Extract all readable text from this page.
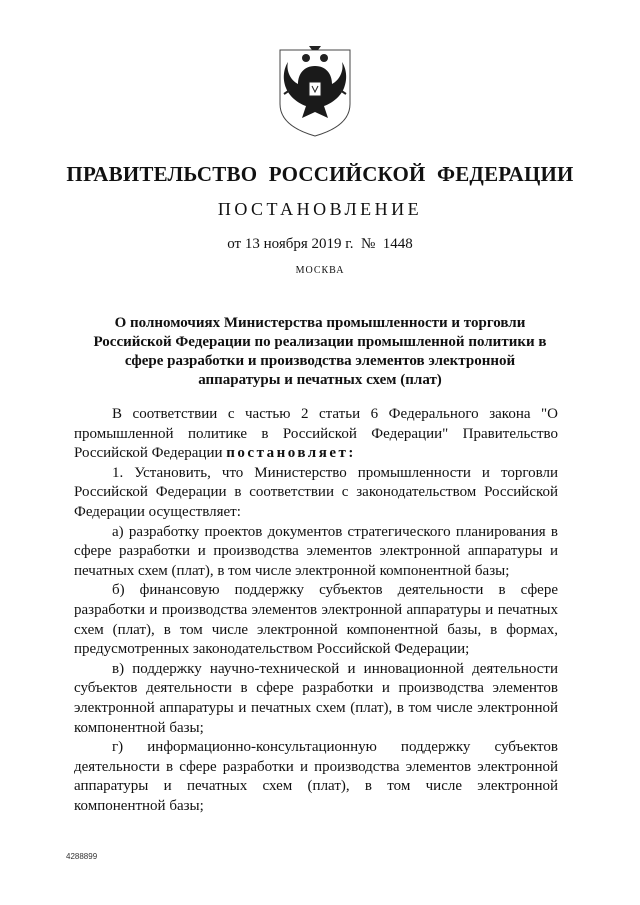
ПРАВИТЕЛЬСТВО РОССИЙСКОЙ ФЕДЕРАЦИИ
ПОСТАНОВЛЕНИЕ
от 13 ноября 2019 г. № 1448
МОСКВА
О полномочиях Министерства промышленности и торговли Российской Федерации по реализации промышленной политики в сфере разработки и производства элементов электронной аппаратуры и печатных схем (плат)

В соответствии с частью 2 статьи 6 Федерального закона "О промышленной политике в Российской Федерации" Правительство Российской Федерации постановляет:

1. Установить, что Министерство промышленности и торговли Российской Федерации в соответствии с законодательством Российской Федерации осуществляет:

а) разработку проектов документов стратегического планирования в сфере разработки и производства элементов электронной аппаратуры и печатных схем (плат), в том числе электронной компонентной базы;

б) финансовую поддержку субъектов деятельности в сфере разработки и производства элементов электронной аппаратуры и печатных схем (плат), в том числе электронной компонентной базы, в формах, предусмотренных законодательством Российской Федерации;

в) поддержку научно-технической и инновационной деятельности субъектов деятельности в сфере разработки и производства элементов электронной аппаратуры и печатных схем (плат), в том числе электронной компонентной базы;

г) информационно-консультационную поддержку субъектов деятельности в сфере разработки и производства элементов электронной аппаратуры и печатных схем (плат), в том числе электронной компонентной базы;

4288899
